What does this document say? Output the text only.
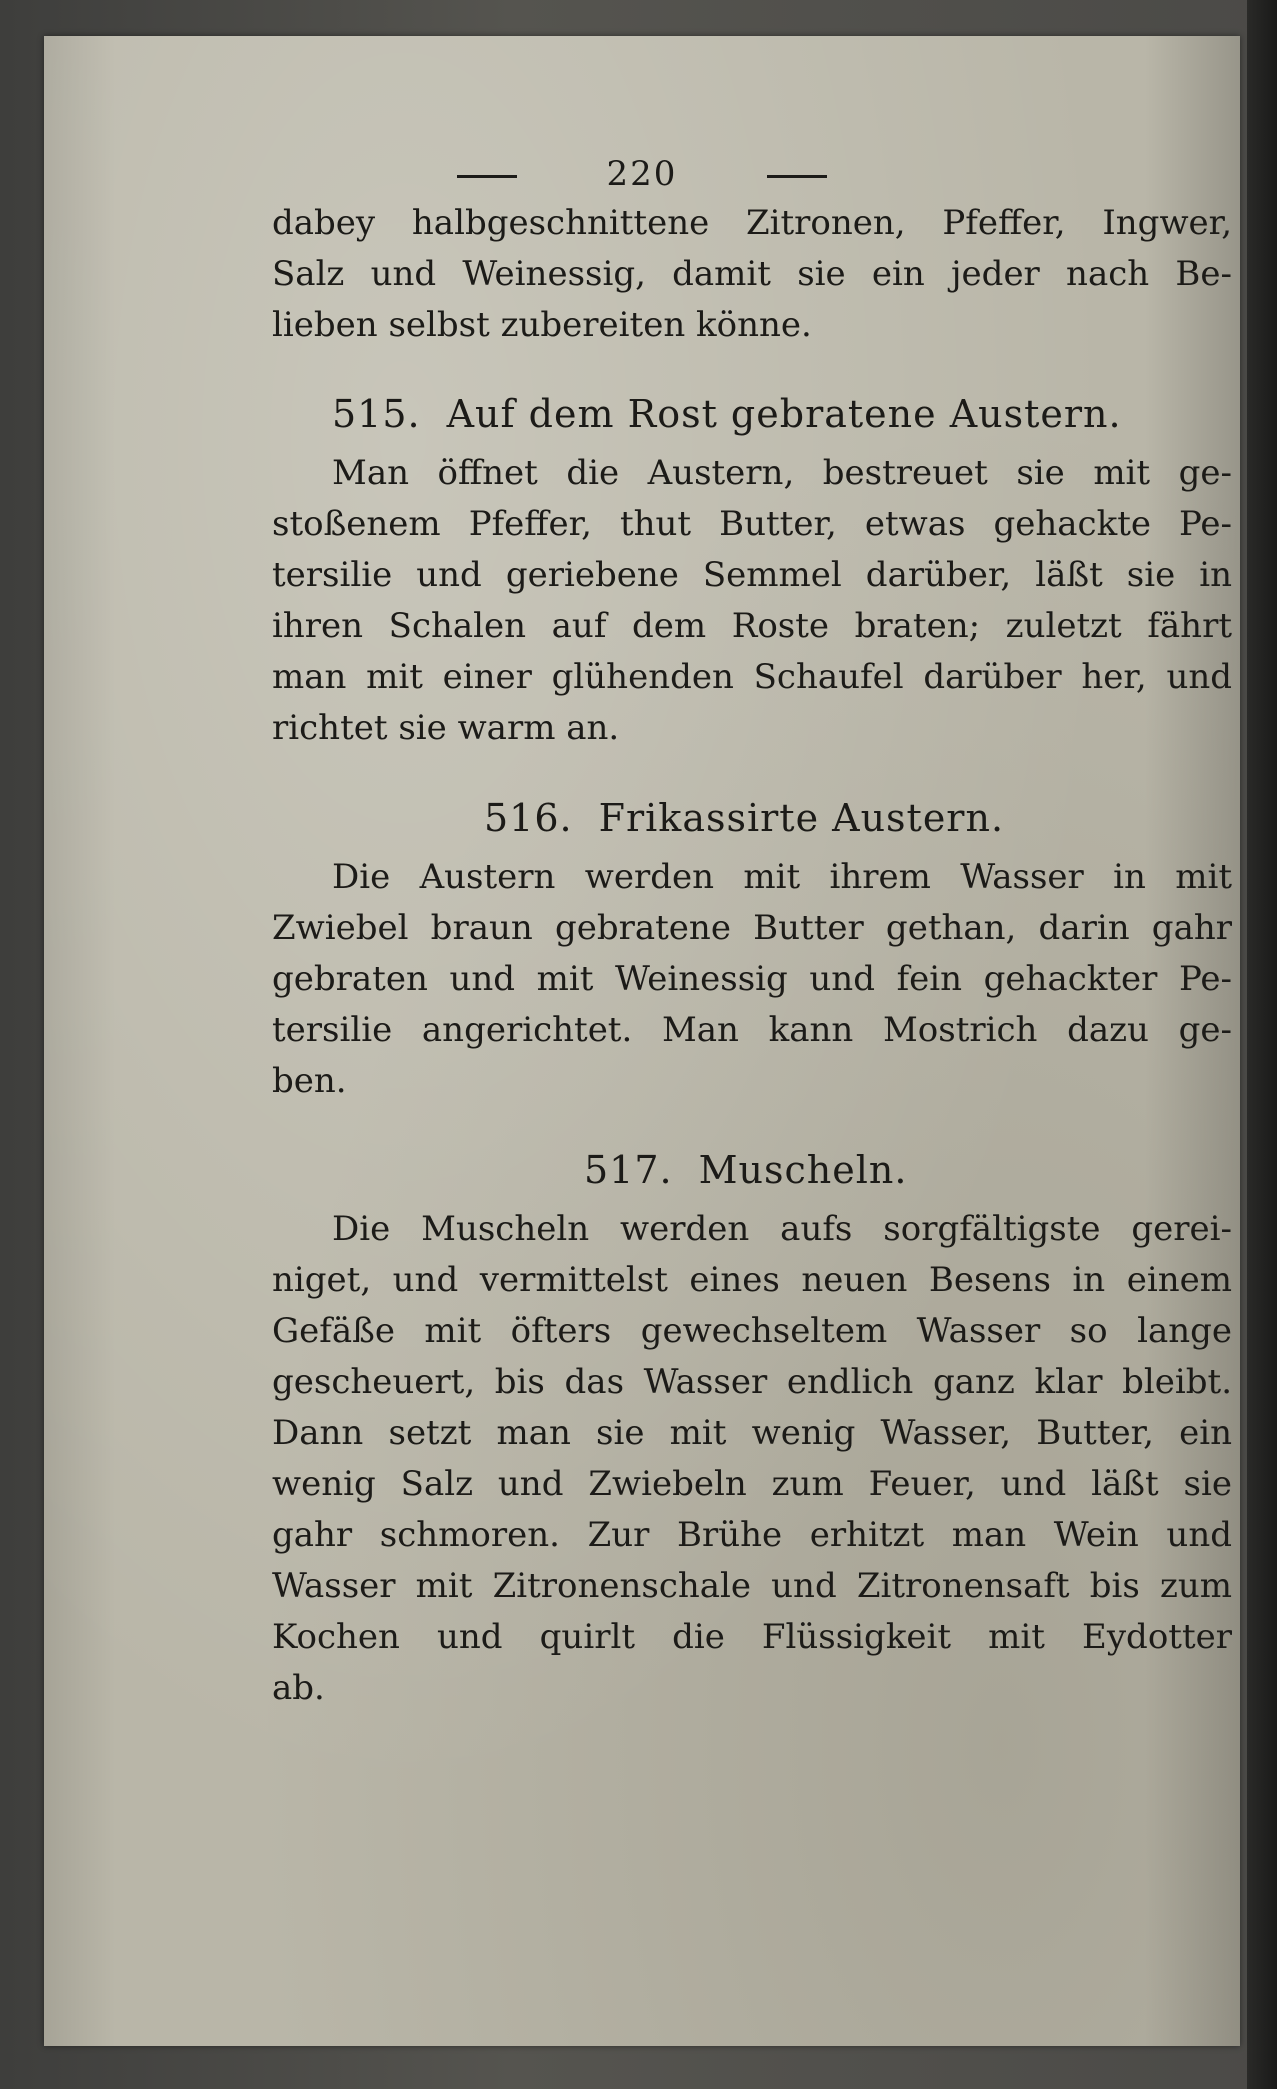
220
dabey halbgeschnittene Zitronen, Pfeffer, Ingwer,
Salz und Weinessig, damit sie ein jeder nach Be-
lieben selbst zubereiten könne.
515. Auf dem Rost gebratene Austern.
Man öffnet die Austern, bestreuet sie mit ge-
stoßenem Pfeffer, thut Butter, etwas gehackte Pe-
tersilie und geriebene Semmel darüber, läßt sie in
ihren Schalen auf dem Roste braten; zuletzt fährt
man mit einer glühenden Schaufel darüber her, und
richtet sie warm an.
516. Frikassirte Austern.
Die Austern werden mit ihrem Wasser in mit
Zwiebel braun gebratene Butter gethan, darin gahr
gebraten und mit Weinessig und fein gehackter Pe-
tersilie angerichtet. Man kann Mostrich dazu ge-
ben.
517. Muscheln.
Die Muscheln werden aufs sorgfältigste gerei-
niget, und vermittelst eines neuen Besens in einem
Gefäße mit öfters gewechseltem Wasser so lange
gescheuert, bis das Wasser endlich ganz klar bleibt.
Dann setzt man sie mit wenig Wasser, Butter, ein
wenig Salz und Zwiebeln zum Feuer, und läßt sie
gahr schmoren. Zur Brühe erhitzt man Wein und
Wasser mit Zitronenschale und Zitronensaft bis zum
Kochen und quirlt die Flüssigkeit mit Eydotter
ab.
